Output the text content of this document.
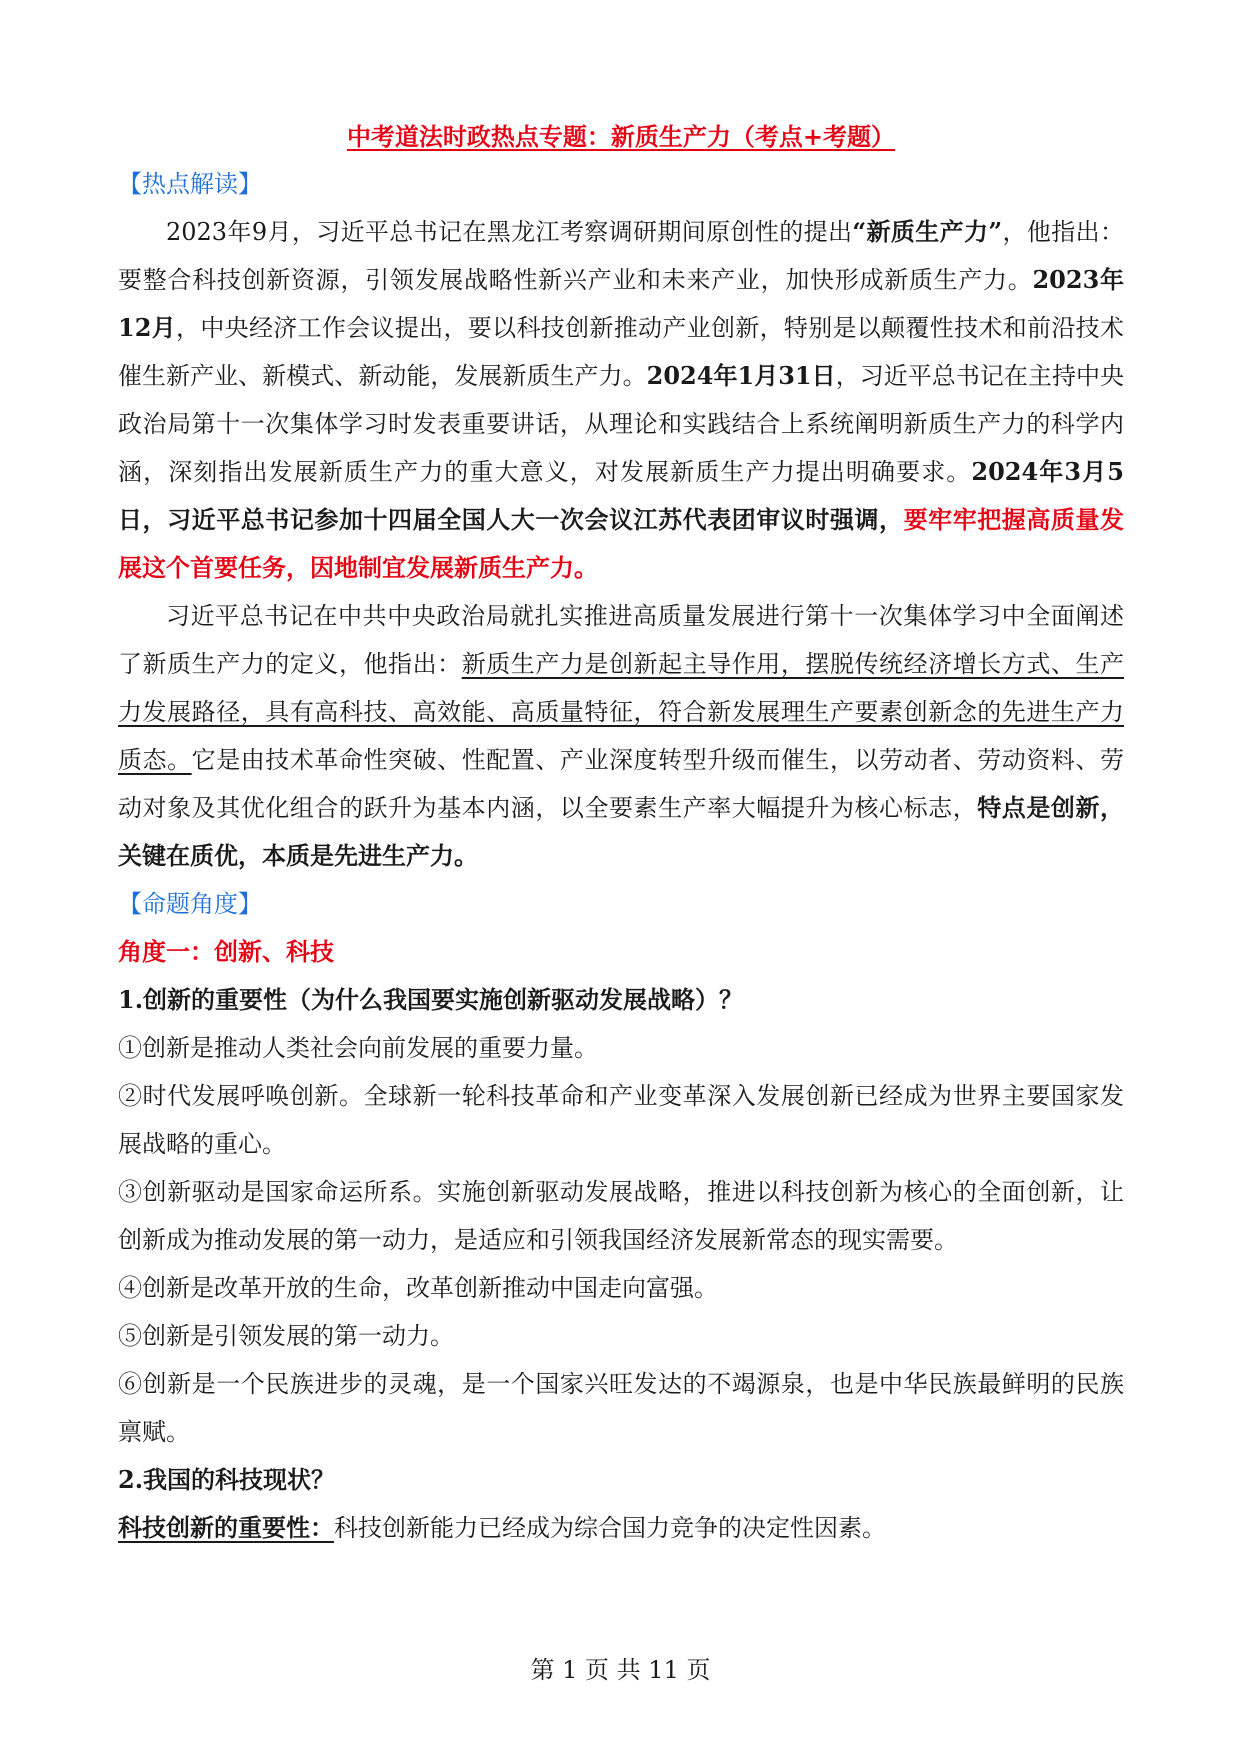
中考道法时政热点专题：新质生产力（考点+考题）

【热点解读】

2023年9月，习近平总书记在黑龙江考察调研期间原创性的提出“新质生产力”，他指出：要整合科技创新资源，引领发展战略性新兴产业和未来产业，加快形成新质生产力。2023年12月，中央经济工作会议提出，要以科技创新推动产业创新，特别是以颠覆性技术和前沿技术催生新产业、新模式、新动能，发展新质生产力。2024年1月31日，习近平总书记在主持中央政治局第十一次集体学习时发表重要讲话，从理论和实践结合上系统阐明新质生产力的科学内涵，深刻指出发展新质生产力的重大意义，对发展新质生产力提出明确要求。2024年3月5日，习近平总书记参加十四届全国人大一次会议江苏代表团审议时强调，要牢牢把握高质量发展这个首要任务，因地制宜发展新质生产力。

习近平总书记在中共中央政治局就扎实推进高质量发展进行第十一次集体学习中全面阐述了新质生产力的定义，他指出：新质生产力是创新起主导作用，摆脱传统经济增长方式、生产力发展路径，具有高科技、高效能、高质量特征，符合新发展理生产要素创新念的先进生产力质态。它是由技术革命性突破、性配置、产业深度转型升级而催生，以劳动者、劳动资料、劳动对象及其优化组合的跃升为基本内涵，以全要素生产率大幅提升为核心标志，特点是创新，关键在质优，本质是先进生产力。

【命题角度】

角度一：创新、科技

1.创新的重要性（为什么我国要实施创新驱动发展战略）？

①创新是推动人类社会向前发展的重要力量。

②时代发展呼唤创新。全球新一轮科技革命和产业变革深入发展创新已经成为世界主要国家发展战略的重心。

③创新驱动是国家命运所系。实施创新驱动发展战略，推进以科技创新为核心的全面创新，让创新成为推动发展的第一动力，是适应和引领我国经济发展新常态的现实需要。

④创新是改革开放的生命，改革创新推动中国走向富强。

⑤创新是引领发展的第一动力。

⑥创新是一个民族进步的灵魂，是一个国家兴旺发达的不竭源泉，也是中华民族最鲜明的民族禀赋。

2.我国的科技现状？

科技创新的重要性：科技创新能力已经成为综合国力竞争的决定性因素。

第 1 页 共 11 页
